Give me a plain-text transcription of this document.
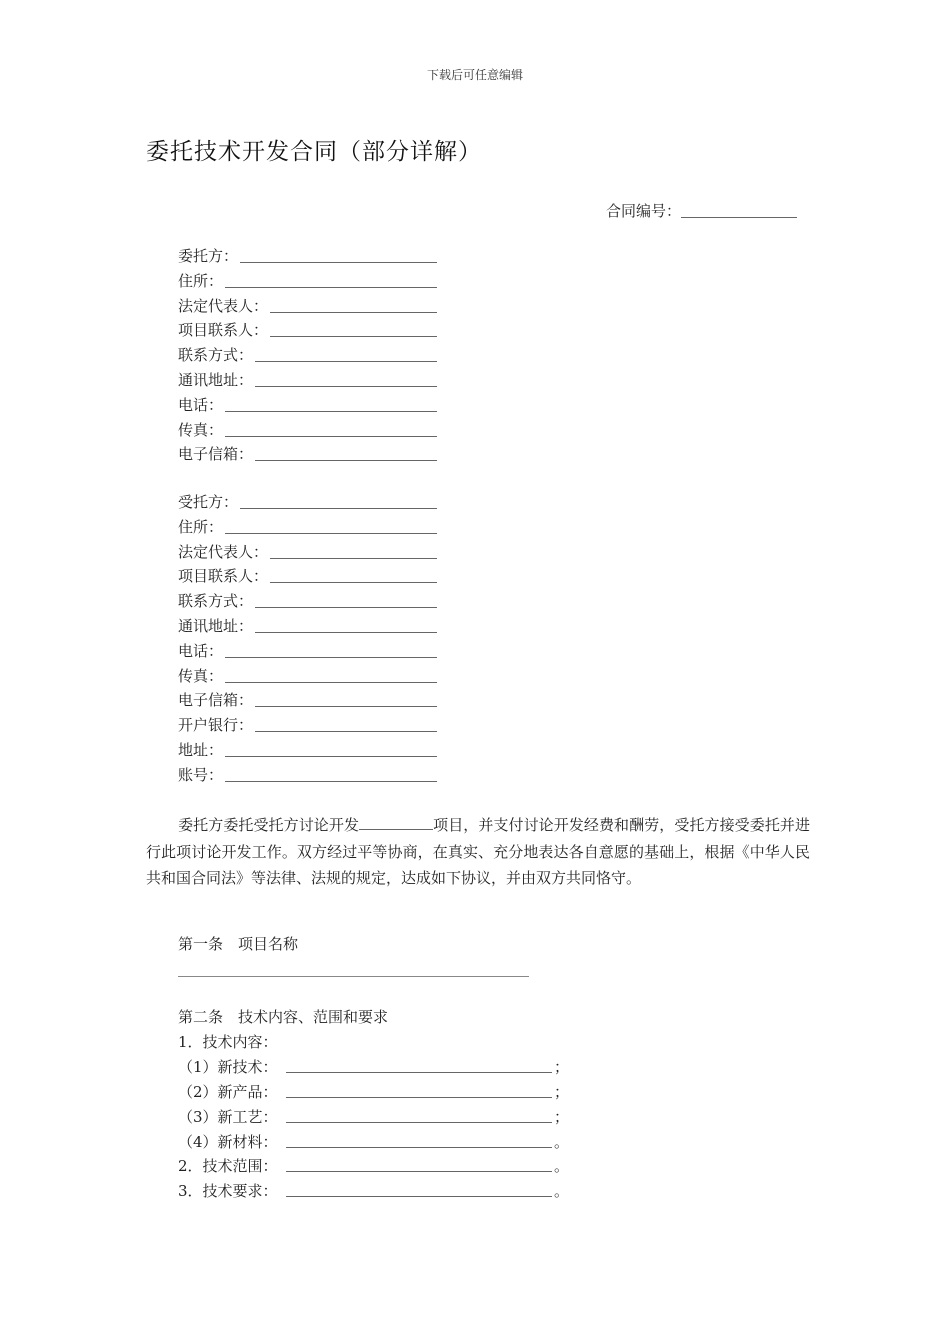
下载后可任意编辑
委托技术开发合同（部分详解）
合同编号：
委托方：
住所：
法定代表人：
项目联系人：
联系方式：
通讯地址：
电话：
传真：
电子信箱：
受托方：
住所：
法定代表人：
项目联系人：
联系方式：
通讯地址：
电话：
传真：
电子信箱：
开户银行：
地址：
账号：
委托方委托受托方讨论开发	项目，并支付讨论开发经费和酬劳，受托方接受委托并进行此项讨论开发工作。双方经过平等协商，在真实、充分地表达各自意愿的基础上，根据《中华人民共和国合同法》等法律、法规的规定，达成如下协议，并由双方共同恪守。
第一条　项目名称
第二条　技术内容、范围和要求
1．技术内容：
（1）新技术：	；
（2）新产品：	；
（3）新工艺：	；
（4）新材料：	。
2．技术范围：	。
3．技术要求：	。
